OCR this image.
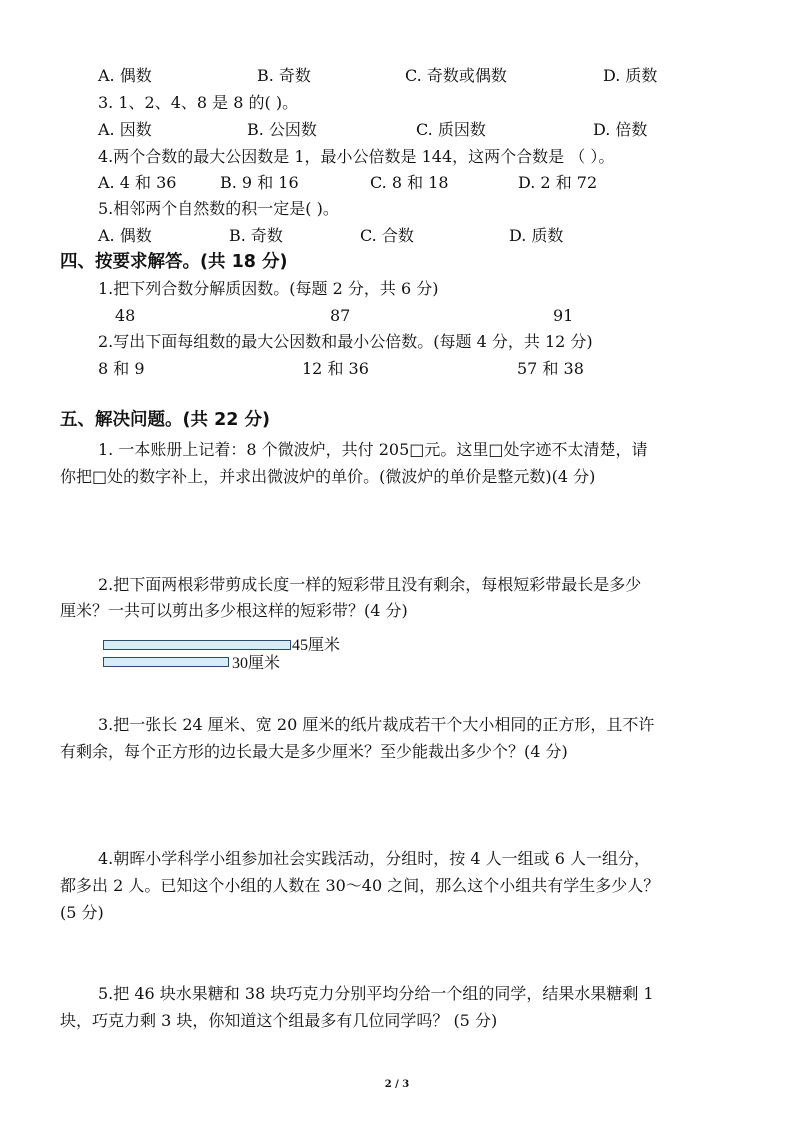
A. 偶数	B. 奇数	C. 奇数或偶数	D. 质数
3. 1、2、4、8 是 8 的( )。
A. 因数	B. 公因数	C. 质因数	D. 倍数
4.两个合数的最大公因数是 1，最小公倍数是 144，这两个合数是 （ ）。
A. 4 和 36	B. 9 和 16	C. 8 和 18	D. 2 和 72
5.相邻两个自然数的积一定是( )。
A. 偶数	B. 奇数	C. 合数	D. 质数
四、按要求解答。(共 18 分)
1.把下列合数分解质因数。(每题 2 分，共 6 分)
48	87	91
2.写出下面每组数的最大公因数和最小公倍数。(每题 4 分，共 12 分)
8 和 9	12 和 36	57 和 38
五、解决问题。(共 22 分)
1. 一本账册上记着：8 个微波炉，共付 205□元。这里□处字迹不太清楚，请
你把□处的数字补上，并求出微波炉的单价。(微波炉的单价是整元数)(4 分)
2.把下面两根彩带剪成长度一样的短彩带且没有剩余，每根短彩带最长是多少
厘米？一共可以剪出多少根这样的短彩带？(4 分)
45厘米
30厘米
3.把一张长 24 厘米、宽 20 厘米的纸片裁成若干个大小相同的正方形，且不许
有剩余，每个正方形的边长最大是多少厘米？至少能裁出多少个？(4 分)
4.朝晖小学科学小组参加社会实践活动，分组时，按 4 人一组或 6 人一组分，
都多出 2 人。已知这个小组的人数在 30～40 之间，那么这个小组共有学生多少人？
(5 分)
5.把 46 块水果糖和 38 块巧克力分别平均分给一个组的同学，结果水果糖剩 1
块，巧克力剩 3 块，你知道这个组最多有几位同学吗？ (5 分)
2 / 3
